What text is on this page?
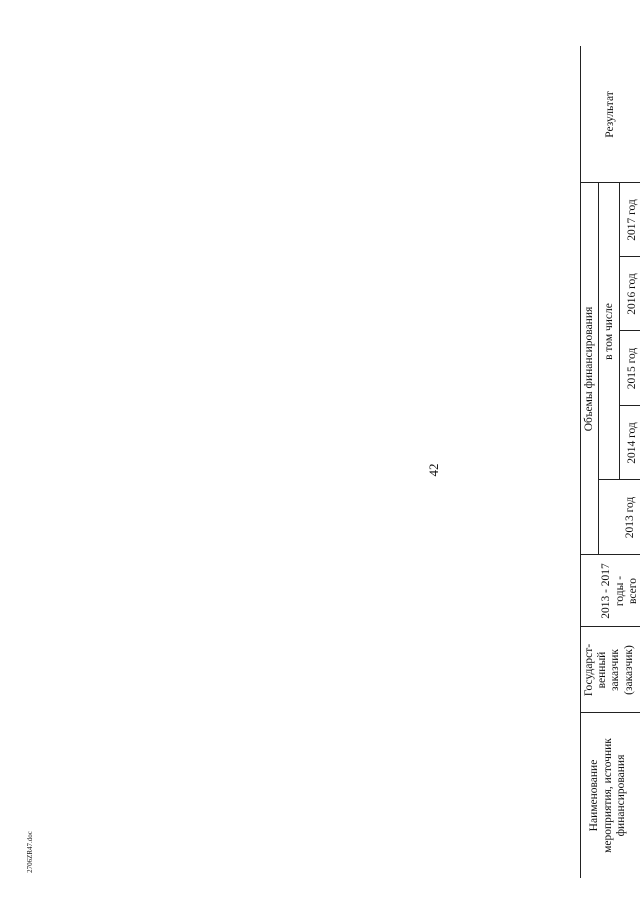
42
2706ZR47.doc
Наименование мероприятия, источник финансирования
Государст- венный заказчик (заказчик)
Объемы финансирования
2013 - 2017 годы - всего
в том числе
2013 год
2014 год
2015 год
2016 год
2017 год
Результат
